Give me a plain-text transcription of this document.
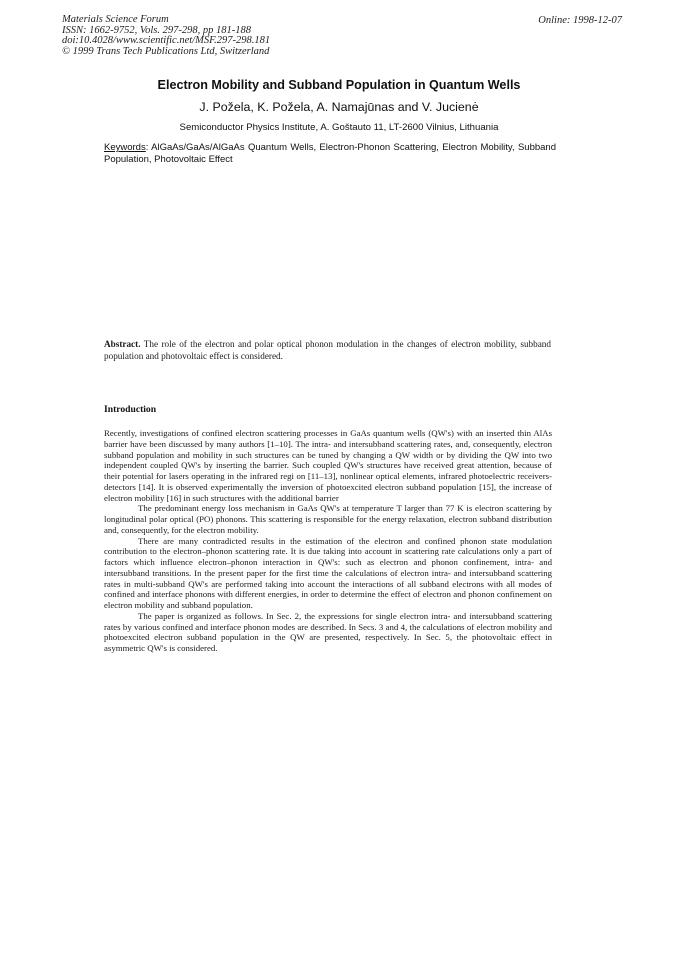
Materials Science Forum
ISSN: 1662-9752, Vols. 297-298, pp 181-188
doi:10.4028/www.scientific.net/MSF.297-298.181
© 1999 Trans Tech Publications Ltd, Switzerland
Online: 1998-12-07
Electron Mobility and Subband Population in Quantum Wells
J. Požela, K. Požela, A. Namajūnas and V. Jucienė
Semiconductor Physics Institute, A. Goštauto 11, LT-2600 Vilnius, Lithuania
Keywords: AlGaAs/GaAs/AlGaAs Quantum Wells, Electron-Phonon Scattering, Electron Mobility, Subband Population, Photovoltaic Effect
Abstract. The role of the electron and polar optical phonon modulation in the changes of electron mobility, subband population and photovoltaic effect is considered.
Introduction

Recently, investigations of confined electron scattering processes in GaAs quantum wells (QW's) with an inserted thin AlAs barrier have been discussed by many authors [1–10]. The intra- and intersubband scattering rates, and, consequently, electron subband population and mobility in such structures can be tuned by changing a QW width or by dividing the QW into two independent coupled QW's by inserting the barrier. Such coupled QW's structures have received great attention, because of their potential for lasers operating in the infrared regi on [11–13], nonlinear optical elements, infrared photoelectric receivers-detectors [14]. It is observed experimentally the inversion of photoexcited electron subband population [15], the increase of electron mobility [16] in such structures with the additional barrier

The predominant energy loss mechanism in GaAs QW's at temperature T larger than 77 K is electron scattering by longitudinal polar optical (PO) phonons. This scattering is responsible for the energy relaxation, electron subband distribution and, consequently, for the electron mobility.

There are many contradicted results in the estimation of the electron and confined phonon state modulation contribution to the electron–phonon scattering rate. It is due taking into account in scattering rate calculations only a part of factors which influence electron–phonon interaction in QW's: such as electron and phonon confinement, intra- and intersubband transitions. In the present paper for the first time the calculations of electron intra- and intersubband scattering rates in multi-subband QW's are performed taking into account the interactions of all subband electrons with all modes of confined and interface phonons with different energies, in order to determine the effect of electron and phonon confinement on electron mobility and subband population.

The paper is organized as follows. In Sec. 2, the expressions for single electron intra- and intersubband scattering rates by various confined and interface phonon modes are described. In Secs. 3 and 4, the calculations of electron mobility and photoexcited electron subband population in the QW are presented, respectively. In Sec. 5, the photovoltaic effect in asymmetric QW's is considered.
